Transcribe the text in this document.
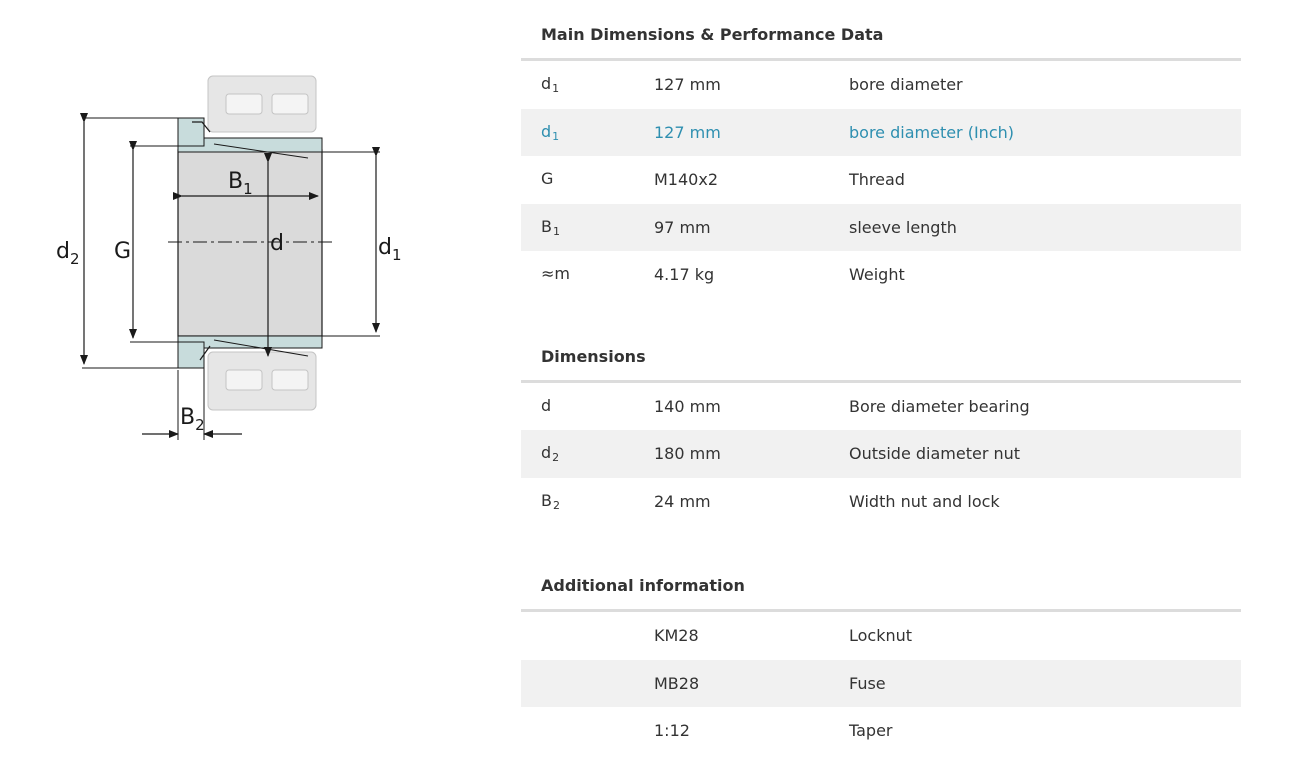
$d_2$ G
$B_1$
d	$d_1$
$B_2$
Main Dimensions & Performance Data
$d_1$	127 mm	bore diameter
$d_1$	127 mm	bore diameter (Inch)
G	M140x2	Thread
$B_1$	97 mm	sleeve length
≈m	4.17 kg	Weight
Dimensions
d	140 mm	Bore diameter bearing
$d_2$	180 mm	Outside diameter nut
$B_2$	24 mm	Width nut and lock
Additional information
KM28	Locknut
MB28	Fuse
1:12	Taper
